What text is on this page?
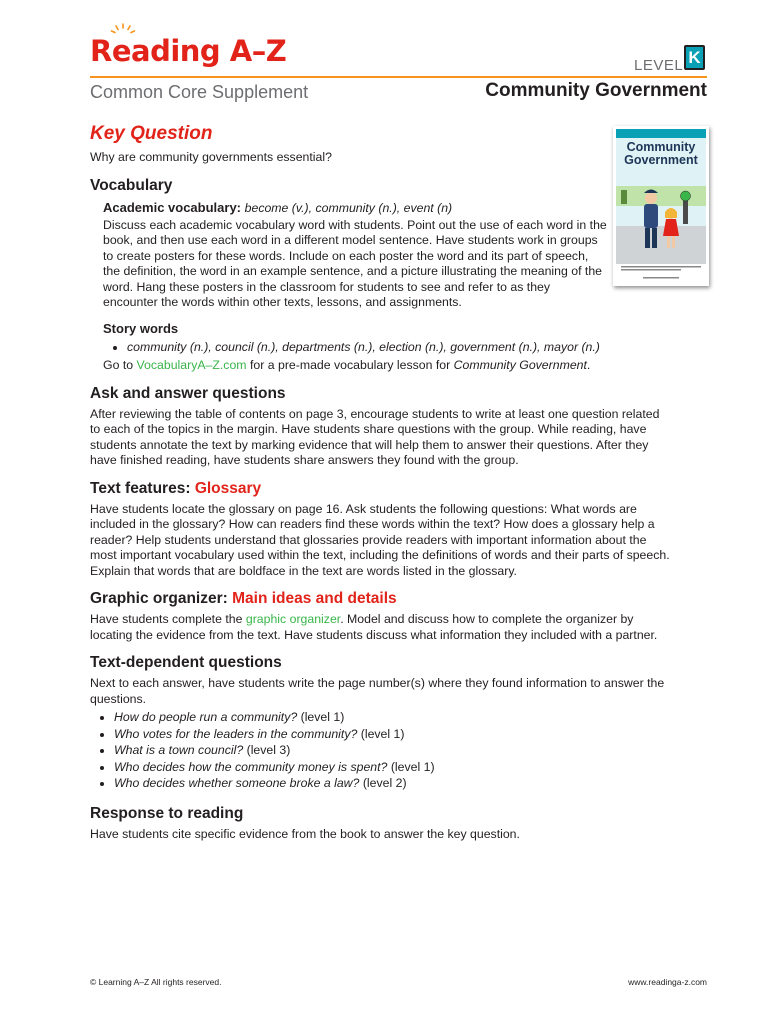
Reading A–Z	LEVEL K
Common Core Supplement	Community Government
Community
Government
Key Question

Why are community governments essential?

Vocabulary
Academic vocabulary: become (v.), community (n.), event (n)

Discuss each academic vocabulary word with students. Point out the use of each word in the book, and then use each word in a different model sentence. Have students work in groups to create posters for these words. Include on each poster the word and its part of speech, the definition, the word in an example sentence, and a picture illustrating the meaning of the word. Hang these posters in the classroom for students to see and refer to as they encounter the words within other texts, lessons, and assignments.

Story words
• community (n.), council (n.), departments (n.), election (n.), government (n.), mayor (n.)

Go to VocabularyA–Z.com for a pre-made vocabulary lesson for Community Government.

Ask and answer questions

After reviewing the table of contents on page 3, encourage students to write at least one question related to each of the topics in the margin. Have students share questions with the group. While reading, have students annotate the text by marking evidence that will help them to answer their questions. After they have finished reading, have students share answers they found with the group.

Text features: Glossary

Have students locate the glossary on page 16. Ask students the following questions: What words are included in the glossary? How can readers find these words within the text? How does a glossary help a reader? Help students understand that glossaries provide readers with important information about the most important vocabulary used within the text, including the definitions of words and their parts of speech. Explain that words that are boldface in the text are words listed in the glossary.

Graphic organizer: Main ideas and details

Have students complete the graphic organizer. Model and discuss how to complete the organizer by locating the evidence from the text. Have students discuss what information they included with a partner.

Text-dependent questions

Next to each answer, have students write the page number(s) where they found information to answer the questions.

• How do people run a community? (level 1)
• Who votes for the leaders in the community? (level 1)
• What is a town council? (level 3)
• Who decides how the community money is spent? (level 1)
• Who decides whether someone broke a law? (level 2)
Response to reading

Have students cite specific evidence from the book to answer the key question.

© Learning A–Z All rights reserved.	www.readinga-z.com
